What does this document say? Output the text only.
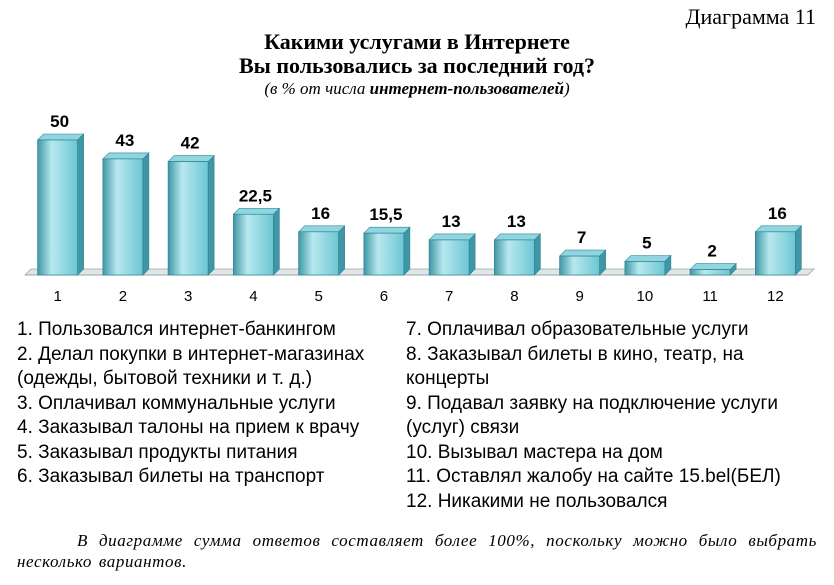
Диаграмма 11
Какими услугами в Интернете
Вы пользовались за последний год?
(в % от числа интернет-пользователей)
50
1
43
2
42
3
22,5
4
16
5
15,5
6
13
7
13
8
7
9
5
10
2
11
16
12
1. Пользовался интернет-банкингом
2. Делал покупки в интернет-магазинах (одежды, бытовой техники и т. д.)
3. Оплачивал коммунальные услуги
4. Заказывал талоны на прием к врачу
5. Заказывал продукты питания
6. Заказывал билеты на транспорт
7. Оплачивал образовательные услуги
8. Заказывал билеты в кино, театр, на концерты
9. Подавал заявку на подключение услуги (услуг) связи
10. Вызывал мастера на дом
11. Оставлял жалобу на сайте 15.bel(БЕЛ)
12. Никакими не пользовался
В диаграмме сумма ответов составляет более 100%, поскольку можно было выбрать несколько вариантов.
